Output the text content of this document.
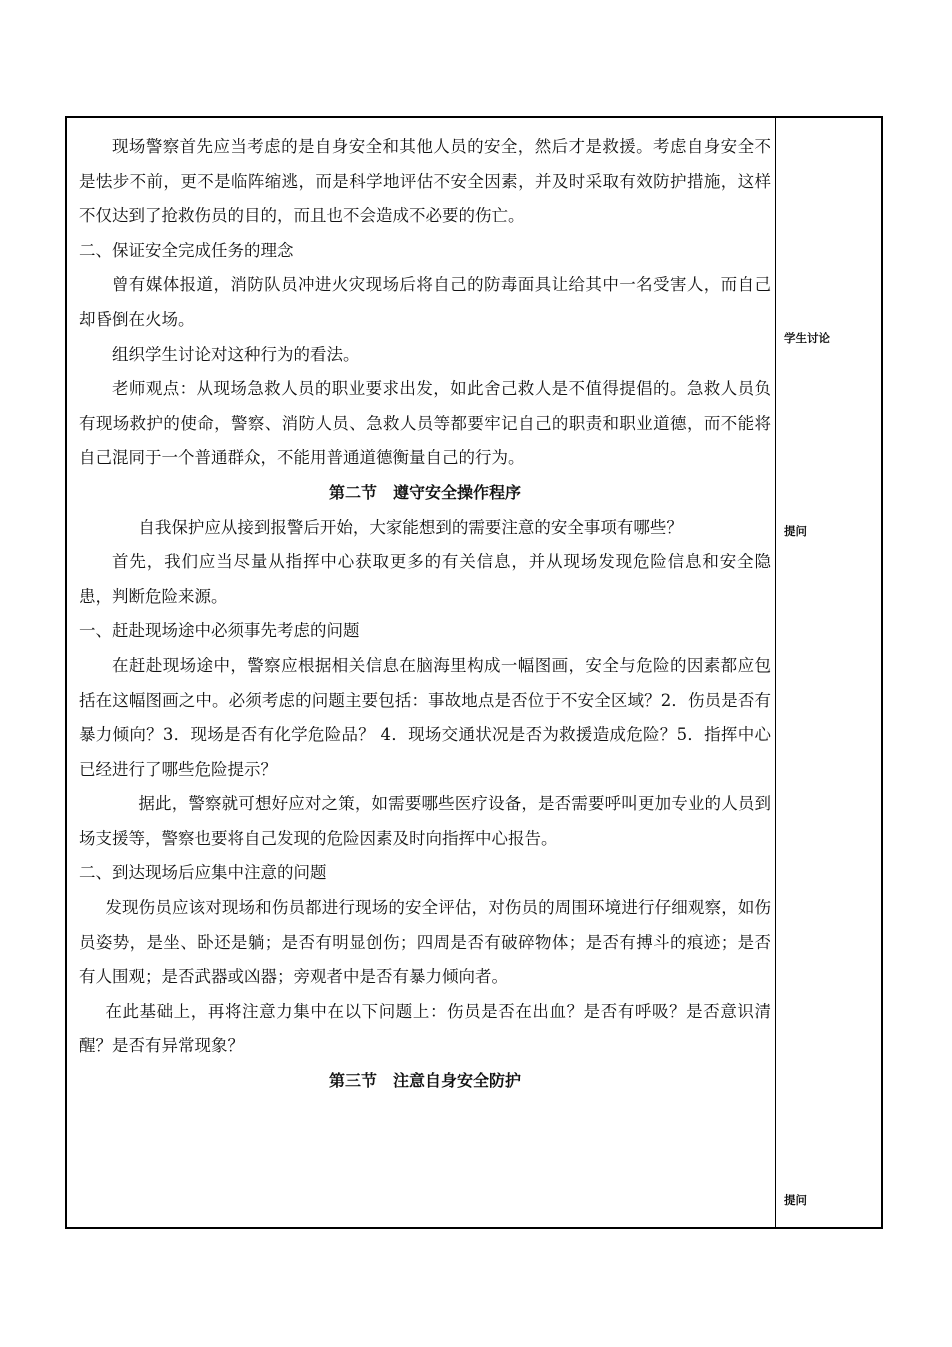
现场警察首先应当考虑的是自身安全和其他人员的安全，然后才是救援。考虑自身安全不是怯步不前，更不是临阵缩逃，而是科学地评估不安全因素，并及时采取有效防护措施，这样不仅达到了抢救伤员的目的，而且也不会造成不必要的伤亡。

二、保证安全完成任务的理念

曾有媒体报道，消防队员冲进火灾现场后将自己的防毒面具让给其中一名受害人，而自己却昏倒在火场。

组织学生讨论对这种行为的看法。

老师观点：从现场急救人员的职业要求出发，如此舍己救人是不值得提倡的。急救人员负有现场救护的使命，警察、消防人员、急救人员等都要牢记自己的职责和职业道德，而不能将自己混同于一个普通群众，不能用普通道德衡量自己的行为。

第二节　遵守安全操作程序

自我保护应从接到报警后开始，大家能想到的需要注意的安全事项有哪些？

首先，我们应当尽量从指挥中心获取更多的有关信息，并从现场发现危险信息和安全隐患，判断危险来源。

一、赶赴现场途中必须事先考虑的问题

在赶赴现场途中，警察应根据相关信息在脑海里构成一幅图画，安全与危险的因素都应包括在这幅图画之中。必须考虑的问题主要包括：事故地点是否位于不安全区域？2．伤员是否有暴力倾向？3．现场是否有化学危险品？ 4．现场交通状况是否为救援造成危险？5．指挥中心已经进行了哪些危险提示？

据此，警察就可想好应对之策，如需要哪些医疗设备，是否需要呼叫更加专业的人员到场支援等，警察也要将自己发现的危险因素及时向指挥中心报告。

二、到达现场后应集中注意的问题

发现伤员应该对现场和伤员都进行现场的安全评估，对伤员的周围环境进行仔细观察，如伤员姿势，是坐、卧还是躺；是否有明显创伤；四周是否有破碎物体；是否有搏斗的痕迹；是否有人围观；是否武器或凶器；旁观者中是否有暴力倾向者。

在此基础上，再将注意力集中在以下问题上：伤员是否在出血？是否有呼吸？是否意识清醒？是否有异常现象？

第三节　注意自身安全防护

学生讨论
提问
提问
